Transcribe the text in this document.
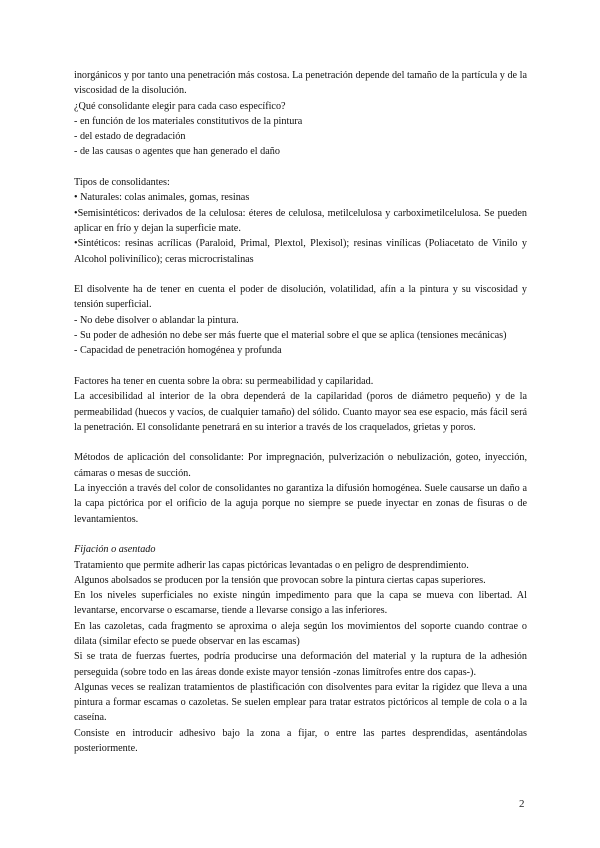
inorgánicos y por tanto una penetración más costosa. La penetración depende del tamaño de la partícula y de la viscosidad de la disolución.

¿Qué consolidante elegir para cada caso específico?

- en función de los materiales constitutivos de la pintura

- del estado de degradación

- de las causas o agentes que han generado el daño

Tipos de consolidantes:

• Naturales: colas animales, gomas, resinas

•Semisintéticos: derivados de la celulosa: éteres de celulosa, metilcelulosa y carboximetilcelulosa. Se pueden aplicar en frío y dejan la superficie mate.

•Sintéticos: resinas acrílicas (Paraloid, Primal, Plextol, Plexisol); resinas vinílicas (Poliacetato de Vinilo y Alcohol polivinílico); ceras microcristalinas

El disolvente ha de tener en cuenta el poder de disolución, volatilidad, afín a la pintura y su viscosidad y tensión superficial.

- No debe disolver o ablandar la pintura.

- Su poder de adhesión no debe ser más fuerte que el material sobre el que se aplica (tensiones mecánicas)

- Capacidad de penetración homogénea y profunda

Factores ha tener en cuenta sobre la obra: su permeabilidad y capilaridad.

La accesibilidad al interior de la obra dependerá de la capilaridad (poros de diámetro pequeño) y de la permeabilidad (huecos y vacíos, de cualquier tamaño) del sólido. Cuanto mayor sea ese espacio, más fácil será la penetración. El consolidante penetrará en su interior a través de los craquelados, grietas y poros.

Métodos de aplicación del consolidante: Por impregnación, pulverización o nebulización, goteo, inyección, cámaras o mesas de succión.

La inyección a través del color de consolidantes no garantiza la difusión homogénea. Suele causarse un daño a la capa pictórica por el orificio de la aguja porque no siempre se puede inyectar en zonas de fisuras o de levantamientos.

Fijación o asentado

Tratamiento que permite adherir las capas pictóricas levantadas o en peligro de desprendimiento.

Algunos abolsados se producen por la tensión que provocan sobre la pintura ciertas capas superiores.

En los niveles superficiales no existe ningún impedimento para que la capa se mueva con libertad. Al levantarse, encorvarse o escamarse, tiende a llevarse consigo a las inferiores.

En las cazoletas, cada fragmento se aproxima o aleja según los movimientos del soporte cuando contrae o dilata (similar efecto se puede observar en las escamas)

Si se trata de fuerzas fuertes, podría producirse una deformación del material y la ruptura de la adhesión perseguida (sobre todo en las áreas donde existe mayor tensión -zonas limítrofes entre dos capas-).

Algunas veces se realizan tratamientos de plastificación con disolventes para evitar la rigidez que lleva a una pintura a formar escamas o cazoletas. Se suelen emplear para tratar estratos pictóricos al temple de cola o a la caseína.

Consiste en introducir adhesivo bajo la zona a fijar, o entre las partes desprendidas, asentándolas posteriormente.

2
